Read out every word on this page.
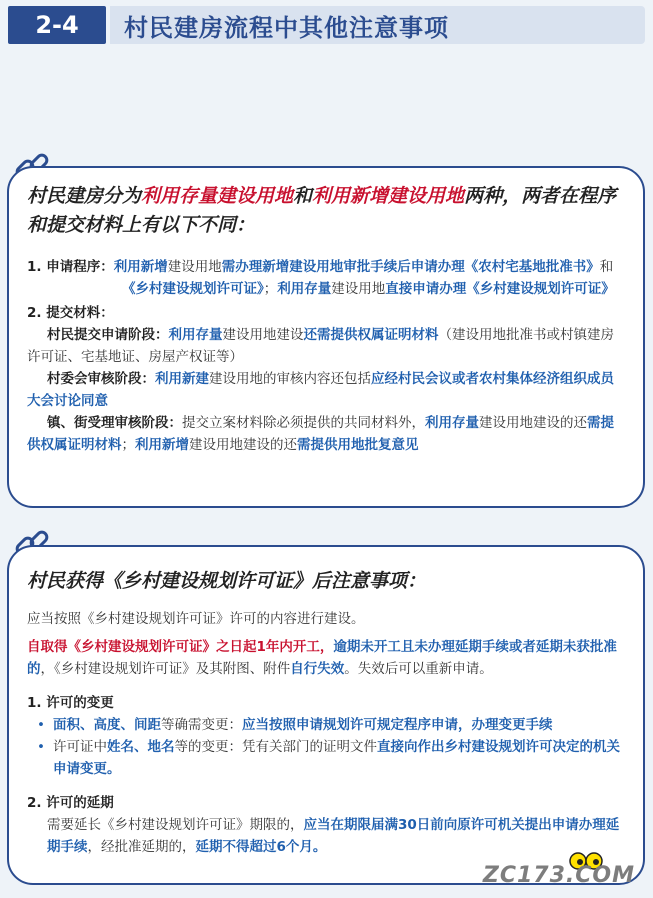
2-4	村民建房流程中其他注意事项
村民建房分为利用存量建设用地和利用新增建设用地两种，两者在程序和提交材料上有以下不同：
1. 申请程序：利用新增建设用地需办理新增建设用地审批手续后申请办理《农村宅基地批准书》和《乡村建设规划许可证》；利用存量建设用地直接申请办理《乡村建设规划许可证》
2. 提交材料：
村民提交申请阶段：利用存量建设用地建设还需提供权属证明材料（建设用地批准书或村镇建房许可证、宅基地证、房屋产权证等）
村委会审核阶段：利用新建建设用地的审核内容还包括应经村民会议或者农村集体经济组织成员大会讨论同意
镇、街受理审核阶段：提交立案材料除必须提供的共同材料外，利用存量建设用地建设的还需提供权属证明材料；利用新增建设用地建设的还需提供用地批复意见
村民获得《乡村建设规划许可证》后注意事项：
应当按照《乡村建设规划许可证》许可的内容进行建设。
自取得《乡村建设规划许可证》之日起1年内开工，逾期未开工且未办理延期手续或者延期未获批准的，《乡村建设规划许可证》及其附图、附件自行失效。失效后可以重新申请。
1. 许可的变更
• 面积、高度、间距等确需变更：应当按照申请规划许可规定程序申请，办理变更手续
• 许可证中姓名、地名等的变更：凭有关部门的证明文件直接向作出乡村建设规划许可决定的机关申请变更。
2. 许可的延期
需要延长《乡村建设规划许可证》期限的，应当在期限届满30日前向原许可机关提出申请办理延期手续，经批准延期的，延期不得超过6个月。
ZC173.COM
